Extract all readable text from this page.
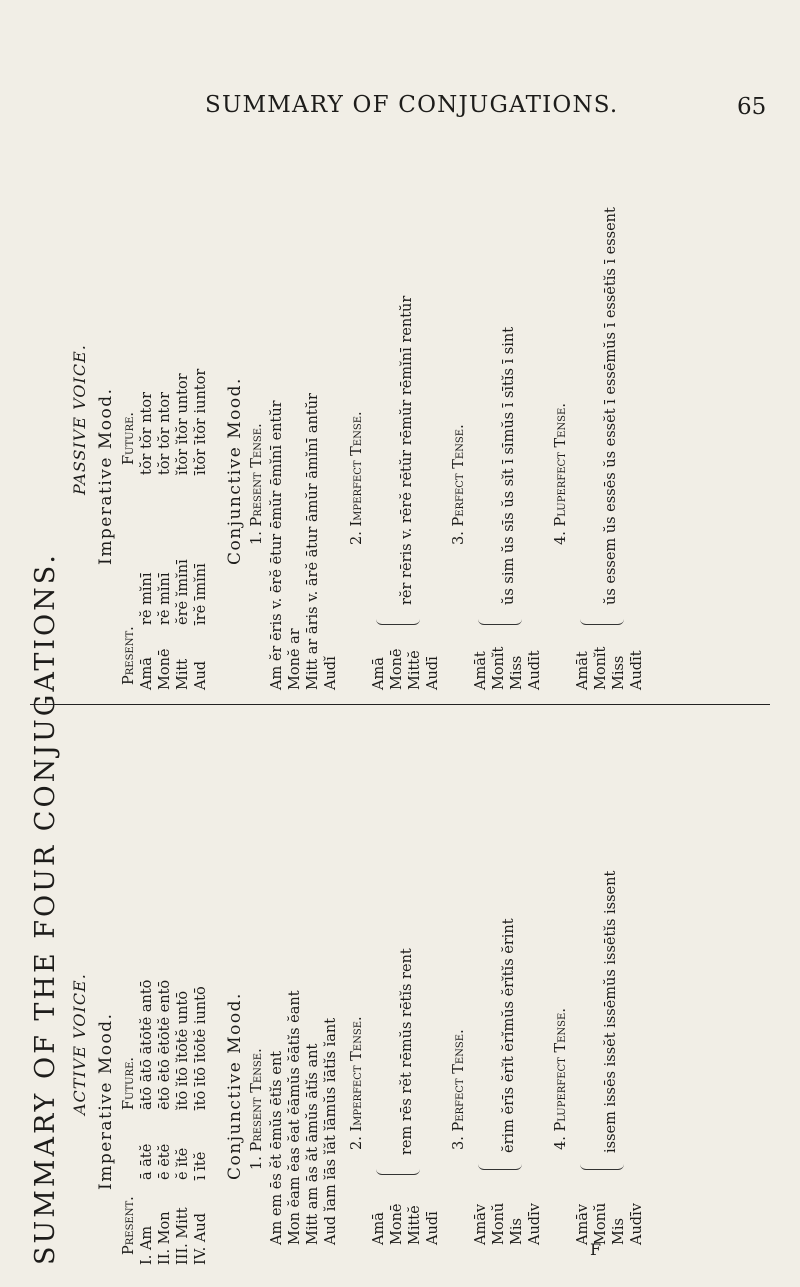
SUMMARY OF CONJUGATIONS.	65
SUMMARY OF THE FOUR CONJUGATIONS. ACTIVE VOICE. Imperative Mood.
Present.
Future.
I. Am II. Mon III. Mitt IV. Aud
ā ātĕ ē ētĕ ĕ ĭtĕ ī ītĕ
ātō ātō ātōtĕ antō ētō ētō ētōtĕ entō ĭtō ĭtō ĭtōtĕ untō ītō ītō ītōtĕ iuntō Conjunctive Mood. 1. Present Tense. Am em ēs ĕt ēmŭs ētĭs ent Mon ĕam ĕas ĕat ĕāmŭs ĕātĭs ĕant Mitt am ās ăt āmŭs ātĭs ant Aud ĭam ĭās ĭăt ĭāmŭs ĭātĭs ĭant 2. Imperfect Tense.
Amā Monē Mittĕ Audī
rem rēs rĕt rēmŭs rētĭs rent 3. Perfect Tense.
Amāv Monŭ Mis Audīv
ĕrim ĕrīs ĕrĭt ĕrĭmŭs ĕrĭtĭs ĕrint 4. Pluperfect Tense.
Amāv Monŭ Mis Audīv
issem issēs issĕt issēmŭs issētĭs issent
PASSIVE VOICE. Imperative Mood.
Present.
Future.
Amā Monē Mitt Aud
rĕ mĭnī rĕ mĭnī ĕrĕ ĭmĭnī īrĕ īmĭnī
tŏr tŏr ntor tŏr tŏr ntor ĭtŏr ĭtŏr untor ītŏr ītŏr iuntor Conjunctive Mood. 1. Present Tense. Am ĕr ēris v. ērĕ ētur ēmŭr ēmĭnī entŭr Monĕ ar Mitt ar āris v. ārĕ ātur āmŭr āmĭnī antŭr Audĭ
2. Imperfect Tense.
Amā Monē Mittĕ Audī
rĕr rēris v. rērĕ rētŭr rēmŭr rēmĭnī rentŭr 3. Perfect Tense.
Amāt Monĭt Miss Audīt
ŭs sim ŭs sīs ŭs sĭt ī sīmŭs ī sītĭs ī sint 4. Pluperfect Tense.
Amāt Monĭt Miss Audīt
ŭs essem ŭs essēs ŭs essĕt ī essēmŭs ī essētĭs ī essent
F
